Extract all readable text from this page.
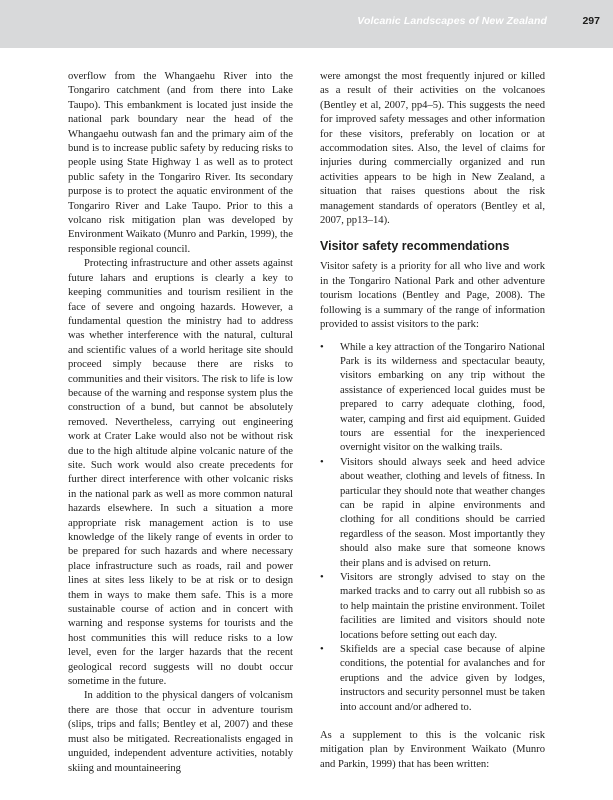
Volcanic Landscapes of New Zealand	297

overflow from the Whangaehu River into the Tongariro catchment (and from there into Lake Taupo). This embankment is located just inside the national park boundary near the head of the Whangaehu outwash fan and the primary aim of the bund is to increase public safety by reducing risks to people using State Highway 1 as well as to protect public safety in the Tongariro River. Its secondary purpose is to protect the aquatic environment of the Tongariro River and Lake Taupo. Prior to this a volcano risk mitigation plan was developed by Environment Waikato (Munro and Parkin, 1999), the responsible regional council.

Protecting infrastructure and other assets against future lahars and eruptions is clearly a key to keeping communities and tourism resilient in the face of severe and ongoing hazards. However, a fundamental question the ministry had to address was whether interference with the natural, cultural and scientific values of a world heritage site should proceed simply because there are risks to communities and their visitors. The risk to life is low because of the warning and response system plus the construction of a bund, but cannot be absolutely removed. Nevertheless, carrying out engineering work at Crater Lake would also not be without risk due to the high altitude alpine volcanic nature of the site. Such work would also create precedents for further direct interference with other volcanic risks in the national park as well as more common natural hazards elsewhere. In such a situation a more appropriate risk management action is to use knowledge of the likely range of events in order to be prepared for such hazards and where necessary place infrastructure such as roads, rail and power lines at sites less likely to be at risk or to design them in ways to make them safe. This is a more sustainable course of action and in concert with warning and response systems for tourists and the host communities this will reduce risks to a low level, even for the larger hazards that the recent geological record suggests will no doubt occur sometime in the future.

In addition to the physical dangers of volcanism there are those that occur in adventure tourism (slips, trips and falls; Bentley et al, 2007) and these must also be mitigated. Recreationalists engaged in unguided, independent adventure activities, notably skiing and mountaineering

were amongst the most frequently injured or killed as a result of their activities on the volcanoes (Bentley et al, 2007, pp4–5). This suggests the need for improved safety messages and other information for these visitors, preferably on location or at accommodation sites. Also, the level of claims for injuries during commercially organized and run activities appears to be high in New Zealand, a situation that raises questions about the risk management standards of operators (Bentley et al, 2007, pp13–14).

Visitor safety recommendations

Visitor safety is a priority for all who live and work in the Tongariro National Park and other adventure tourism locations (Bentley and Page, 2008). The following is a summary of the range of information provided to assist visitors to the park:

• While a key attraction of the Tongariro National Park is its wilderness and spectacular beauty, visitors embarking on any trip without the assistance of experienced local guides must be prepared to carry adequate clothing, food, water, camping and first aid equipment. Guided tours are essential for the inexperienced overnight visitor on the walking trails.
• Visitors should always seek and heed advice about weather, clothing and levels of fitness. In particular they should note that weather changes can be rapid in alpine environments and clothing for all conditions should be carried regardless of the season. Most importantly they should also make sure that someone knows their plans and is advised on return.
• Visitors are strongly advised to stay on the marked tracks and to carry out all rubbish so as to help maintain the pristine environment. Toilet facilities are limited and visitors should note locations before setting out each day.
• Skifields are a special case because of alpine conditions, the potential for avalanches and for eruptions and the advice given by lodges, instructors and security personnel must be taken into account and/or adhered to.

As a supplement to this is the volcanic risk mitigation plan by Environment Waikato (Munro and Parkin, 1999) that has been written:
